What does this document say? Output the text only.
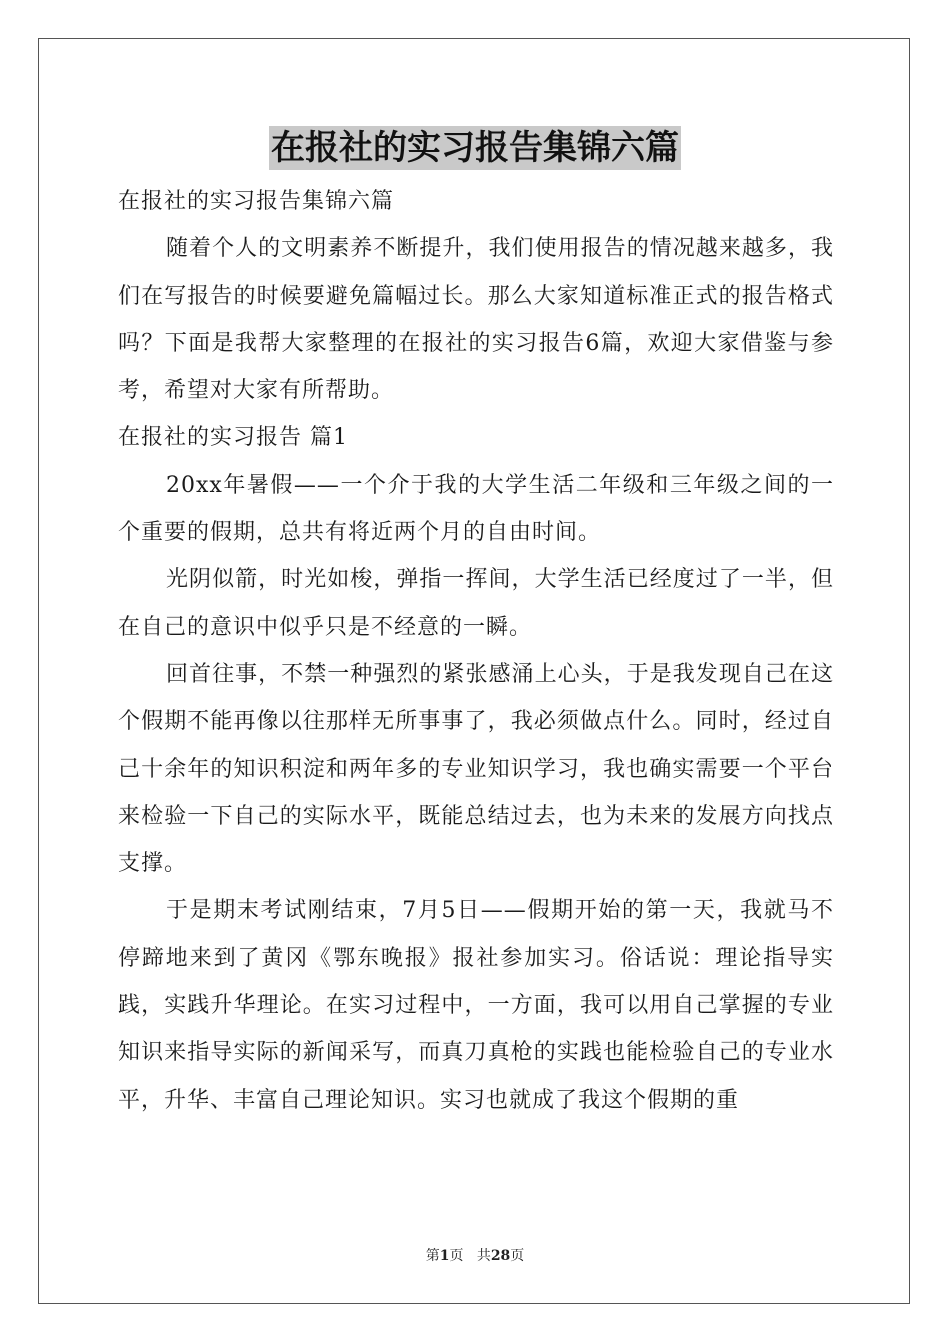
在报社的实习报告集锦六篇

在报社的实习报告集锦六篇

随着个人的文明素养不断提升，我们使用报告的情况越来越多，我们在写报告的时候要避免篇幅过长。那么大家知道标准正式的报告格式吗？下面是我帮大家整理的在报社的实习报告6篇，欢迎大家借鉴与参考，希望对大家有所帮助。

在报社的实习报告 篇1

20xx年暑假——一个介于我的大学生活二年级和三年级之间的一个重要的假期，总共有将近两个月的自由时间。

光阴似箭，时光如梭，弹指一挥间，大学生活已经度过了一半，但在自己的意识中似乎只是不经意的一瞬。

回首往事，不禁一种强烈的紧张感涌上心头，于是我发现自己在这个假期不能再像以往那样无所事事了，我必须做点什么。同时，经过自己十余年的知识积淀和两年多的专业知识学习，我也确实需要一个平台来检验一下自己的实际水平，既能总结过去，也为未来的发展方向找点支撑。

于是期末考试刚结束，7月5日——假期开始的第一天，我就马不停蹄地来到了黄冈《鄂东晚报》报社参加实习。俗话说：理论指导实践，实践升华理论。在实习过程中，一方面，我可以用自己掌握的专业知识来指导实际的新闻采写，而真刀真枪的实践也能检验自己的专业水平，升华、丰富自己理论知识。实习也就成了我这个假期的重

第1页 共28页
